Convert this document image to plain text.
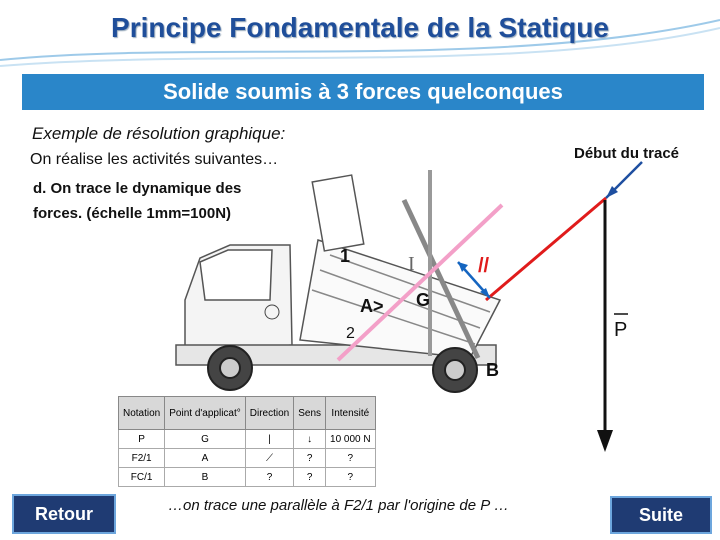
Principe Fondamentale de la Statique
Solide soumis à 3 forces quelconques
Exemple de résolution graphique:
On réalise les activités suivantes…
d. On trace le dynamique des
forces. (échelle 1mm=100N)
Début du tracé
1	I	//
A> G
2
B
P
Notation	Point d'applicat°	Direction	Sens	Intensité
P	G	|	↓	10 000 N
F2/1	A	⟋	?	?
FC/1	B	?	?	?
Retour	…on trace une parallèle à F2/1 par l'origine de P …	Suite
